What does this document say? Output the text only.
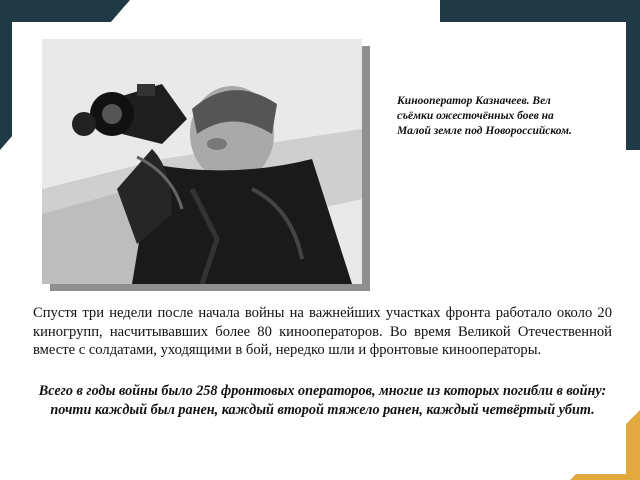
Кинооператор Казначеев. Вел съёмки ожесточённых боев на Малой земле под Новороссийском.
Спустя три недели после начала войны на важнейших участках фронта работало около 20 киногрупп, насчитывавших более 80 кинооператоров. Во время Великой Отечественной вместе с солдатами, уходящими в бой, нередко шли и фронтовые кинооператоры.
Всего в годы войны было 258 фронтовых операторов, многие из которых погибли в войну: почти каждый был ранен, каждый второй тяжело ранен, каждый четвёртый убит.
